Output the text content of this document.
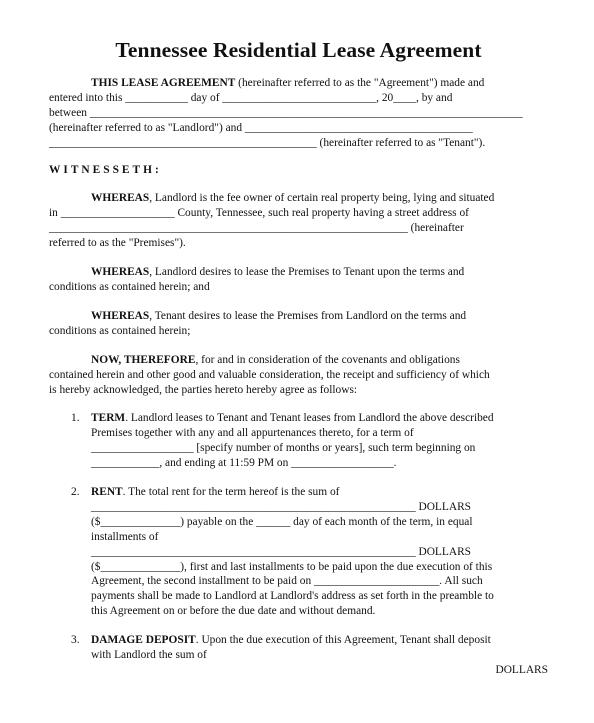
Tennessee Residential Lease Agreement

THIS LEASE AGREEMENT (hereinafter referred to as the "Agreement") made and

entered into this ___________ day of ___________________________, 20____, by and

between ____________________________________________________________________________

(hereinafter referred to as "Landlord") and ________________________________________

_______________________________________________ (hereinafter referred to as "Tenant").

WITNESSETH:

WHEREAS, Landlord is the fee owner of certain real property being, lying and situated

in ____________________ County, Tennessee, such real property having a street address of

_______________________________________________________________ (hereinafter

referred to as the "Premises").

WHEREAS, Landlord desires to lease the Premises to Tenant upon the terms and

conditions as contained herein; and

WHEREAS, Tenant desires to lease the Premises from Landlord on the terms and

conditions as contained herein;

NOW, THEREFORE, for and in consideration of the covenants and obligations

contained herein and other good and valuable consideration, the receipt and sufficiency of which

is hereby acknowledged, the parties hereto hereby agree as follows:

1.	TERM. Landlord leases to Tenant and Tenant leases from Landlord the above described

Premises together with any and all appurtenances thereto, for a term of

__________________ [specify number of months or years], such term beginning on

____________, and ending at 11:59 PM on __________________.

2.	RENT. The total rent for the term hereof is the sum of

_________________________________________________________ DOLLARS

($______________) payable on the ______ day of each month of the term, in equal

installments of

_________________________________________________________ DOLLARS

($______________), first and last installments to be paid upon the due execution of this

Agreement, the second installment to be paid on ______________________. All such

payments shall be made to Landlord at Landlord's address as set forth in the preamble to

this Agreement on or before the due date and without demand.

3.	DAMAGE DEPOSIT. Upon the due execution of this Agreement, Tenant shall deposit

with Landlord the sum of

DOLLARS
